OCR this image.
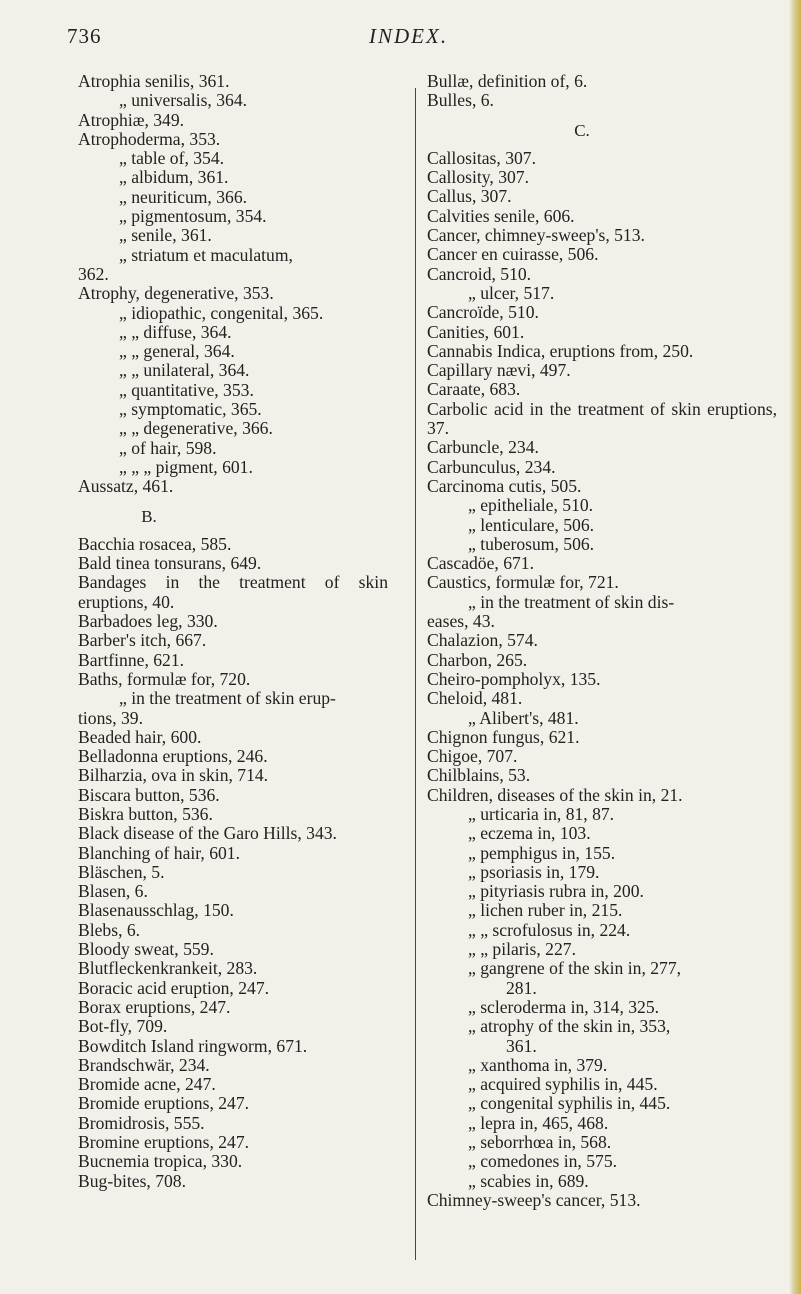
736	INDEX.
Atrophia senilis, 361.
„ universalis, 364.
Atrophiæ, 349.
Atrophoderma, 353.
„ table of, 354.
„ albidum, 361.
„ neuriticum, 366.
„ pigmentosum, 354.
„ senile, 361.
„ striatum et maculatum,
362.
Atrophy, degenerative, 353.
„ idiopathic, congenital, 365.
„ „ diffuse, 364.
„ „ general, 364.
„ „ unilateral, 364.
„ quantitative, 353.
„ symptomatic, 365.
„ „ degenerative, 366.
„ of hair, 598.
„ „ „ pigment, 601.
Aussatz, 461.
B.
Bacchia rosacea, 585.
Bald tinea tonsurans, 649.
Bandages in the treatment of skin eruptions, 40.
Barbadoes leg, 330.
Barber's itch, 667.
Bartfinne, 621.
Baths, formulæ for, 720.
„ in the treatment of skin erup-
tions, 39.
Beaded hair, 600.
Belladonna eruptions, 246.
Bilharzia, ova in skin, 714.
Biscara button, 536.
Biskra button, 536.
Black disease of the Garo Hills, 343.
Blanching of hair, 601.
Bläschen, 5.
Blasen, 6.
Blasenausschlag, 150.
Blebs, 6.
Bloody sweat, 559.
Blutfleckenkrankeit, 283.
Boracic acid eruption, 247.
Borax eruptions, 247.
Bot-fly, 709.
Bowditch Island ringworm, 671.
Brandschwär, 234.
Bromide acne, 247.
Bromide eruptions, 247.
Bromidrosis, 555.
Bromine eruptions, 247.
Bucnemia tropica, 330.
Bug-bites, 708.
Bullæ, definition of, 6.
Bulles, 6.
C.
Callositas, 307.
Callosity, 307.
Callus, 307.
Calvities senile, 606.
Cancer, chimney-sweep's, 513.
Cancer en cuirasse, 506.
Cancroid, 510.
„ ulcer, 517.
Cancroïde, 510.
Canities, 601.
Cannabis Indica, eruptions from, 250.
Capillary nævi, 497.
Caraate, 683.
Carbolic acid in the treatment of skin eruptions, 37.
Carbuncle, 234.
Carbunculus, 234.
Carcinoma cutis, 505.
„ epitheliale, 510.
„ lenticulare, 506.
„ tuberosum, 506.
Cascadöe, 671.
Caustics, formulæ for, 721.
„ in the treatment of skin dis-
eases, 43.
Chalazion, 574.
Charbon, 265.
Cheiro-pompholyx, 135.
Cheloid, 481.
„ Alibert's, 481.
Chignon fungus, 621.
Chigoe, 707.
Chilblains, 53.
Children, diseases of the skin in, 21.
„ urticaria in, 81, 87.
„ eczema in, 103.
„ pemphigus in, 155.
„ psoriasis in, 179.
„ pityriasis rubra in, 200.
„ lichen ruber in, 215.
„ „ scrofulosus in, 224.
„ „ pilaris, 227.
„ gangrene of the skin in, 277,
281.
„ scleroderma in, 314, 325.
„ atrophy of the skin in, 353,
361.
„ xanthoma in, 379.
„ acquired syphilis in, 445.
„ congenital syphilis in, 445.
„ lepra in, 465, 468.
„ seborrhœa in, 568.
„ comedones in, 575.
„ scabies in, 689.
Chimney-sweep's cancer, 513.
